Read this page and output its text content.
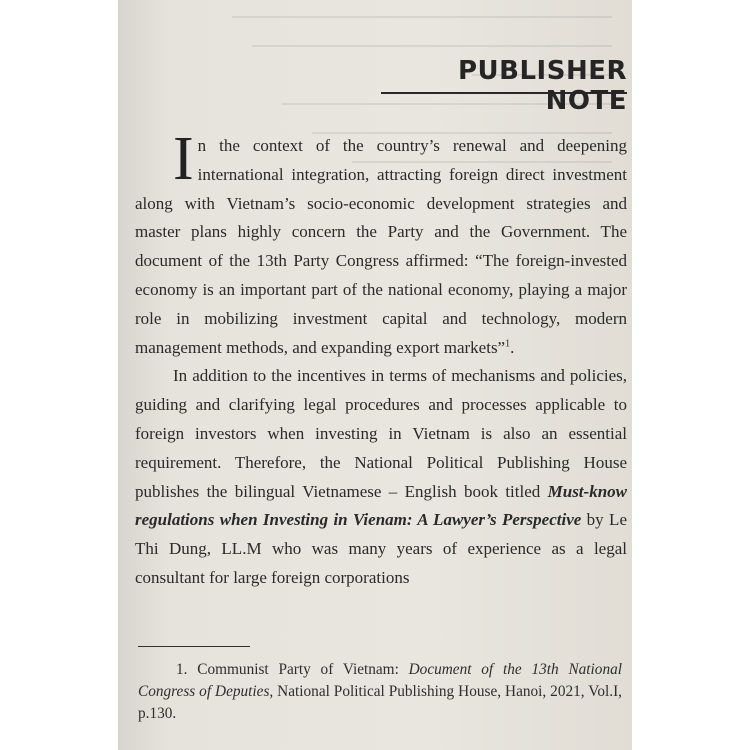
PUBLISHER NOTE

In the context of the country’s renewal and deepening international integration, attracting foreign direct investment along with Vietnam’s socio-economic development strategies and master plans highly concern the Party and the Government. The document of the 13th Party Congress affirmed: “The foreign-invested economy is an important part of the national economy, playing a major role in mobilizing investment capital and technology, modern management methods, and expanding export markets”$^1$.

In addition to the incentives in terms of mechanisms and policies, guiding and clarifying legal procedures and processes applicable to foreign investors when investing in Vietnam is also an essential requirement. Therefore, the National Political Publishing House publishes the bilingual Vietnamese – English book titled Must-know regulations when Investing in Vienam: A Lawyer’s Perspective by Le Thi Dung, LL.M who was many years of experience as a legal consultant for large foreign corporations

1. Communist Party of Vietnam: Document of the 13th National Congress of Deputies, National Political Publishing House, Hanoi, 2021, Vol.I, p.130.
